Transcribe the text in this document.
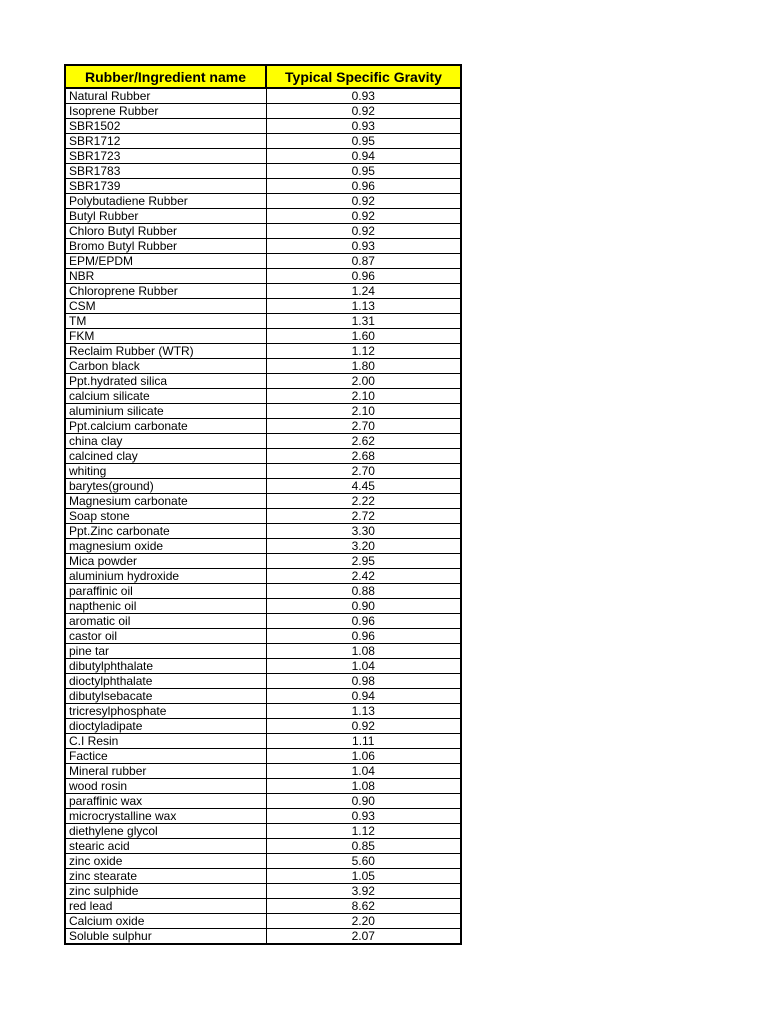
Rubber/Ingredient name	Typical Specific Gravity
Natural Rubber	0.93
Isoprene Rubber	0.92
SBR1502	0.93
SBR1712	0.95
SBR1723	0.94
SBR1783	0.95
SBR1739	0.96
Polybutadiene Rubber	0.92
Butyl Rubber	0.92
Chloro Butyl Rubber	0.92
Bromo Butyl Rubber	0.93
EPM/EPDM	0.87
NBR	0.96
Chloroprene Rubber	1.24
CSM	1.13
TM	1.31
FKM	1.60
Reclaim Rubber (WTR)	1.12
Carbon black	1.80
Ppt.hydrated silica	2.00
calcium silicate	2.10
aluminium silicate	2.10
Ppt.calcium carbonate	2.70
china clay	2.62
calcined clay	2.68
whiting	2.70
barytes(ground)	4.45
Magnesium carbonate	2.22
Soap stone	2.72
Ppt.Zinc carbonate	3.30
magnesium oxide	3.20
Mica powder	2.95
aluminium hydroxide	2.42
paraffinic oil	0.88
napthenic oil	0.90
aromatic oil	0.96
castor oil	0.96
pine tar	1.08
dibutylphthalate	1.04
dioctylphthalate	0.98
dibutylsebacate	0.94
tricresylphosphate	1.13
dioctyladipate	0.92
C.I Resin	1.11
Factice	1.06
Mineral rubber	1.04
wood rosin	1.08
paraffinic wax	0.90
microcrystalline wax	0.93
diethylene glycol	1.12
stearic acid	0.85
zinc oxide	5.60
zinc stearate	1.05
zinc sulphide	3.92
red lead	8.62
Calcium oxide	2.20
Soluble sulphur	2.07
